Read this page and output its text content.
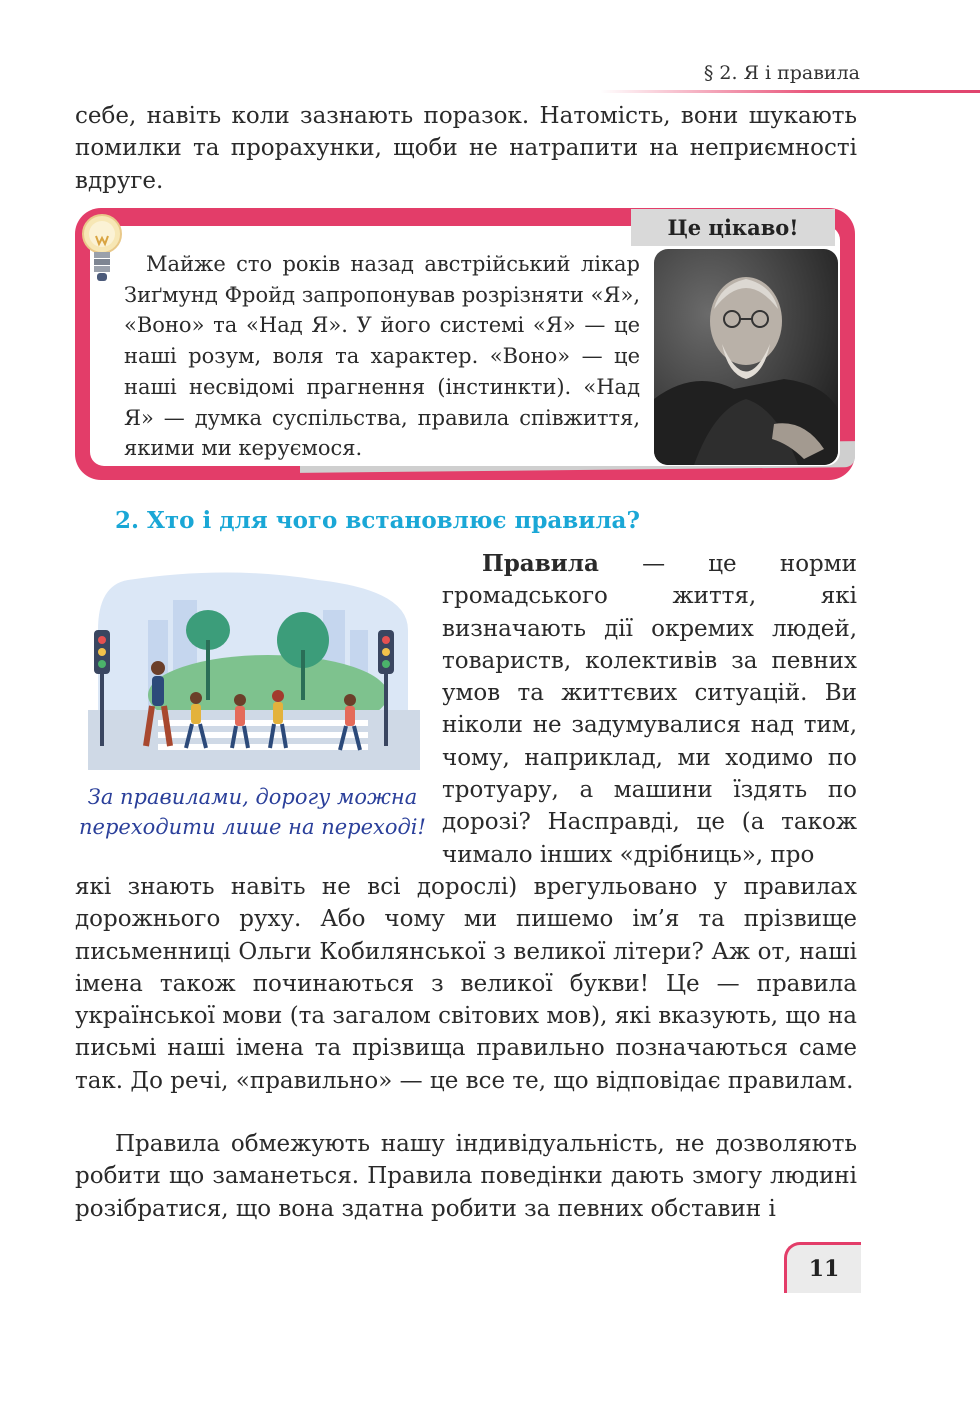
§ 2. Я і правила

себе, навіть коли зазнають поразок. Натомість, вони шукають помилки та прорахунки, щоби не натрапити на неприємності вдруге.

Це цікаво!

Майже сто років назад австрійський лікар Зиґмунд Фройд запропонував розрізняти «Я», «Воно» та «Над Я». У його системі «Я» — це наші розум, воля та характер. «Воно» — це наші несвідомі прагнення (інстинкти). «Над Я» — думка суспільства, правила співжиття, якими ми керуємося.

2. Хто і для чого встановлює правила?

За правилами, дорогу можна переходити лише на переході!

Правила — це норми громадського життя, які визначають дії окремих людей, товариств, колективів за певних умов та життєвих ситуацій. Ви ніколи не задумувалися над тим, чому, наприклад, ми ходимо по тротуару, а машини їздять по дорозі? Насправді, це (а також чимало інших «дрібниць», про

які знають навіть не всі дорослі) врегульовано у правилах дорожнього руху. Або чому ми пишемо ім’я та прізвище письменниці Ольги Кобилянської з великої літери? Аж от, наші імена також починаються з великої букви! Це — правила української мови (та загалом світових мов), які вказують, що на письмі наші імена та прізвища правильно позначаються саме так. До речі, «правильно» — це все те, що відповідає правилам.

Правила обмежують нашу індивідуальність, не дозволяють робити що заманеться. Правила поведінки дають змогу людині розібратися, що вона здатна робити за певних обставин і

11
